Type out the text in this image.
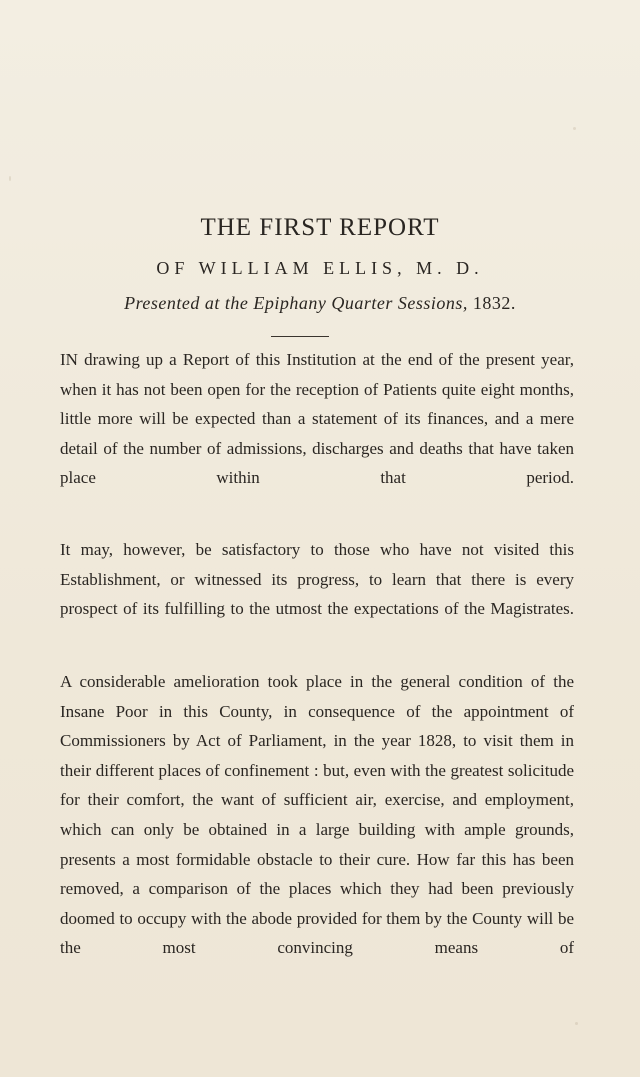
THE FIRST REPORT
OF WILLIAM ELLIS, M. D.
Presented at the Epiphany Quarter Sessions, 1832.

IN drawing up a Report of this Institution at the end of the present year, when it has not been open for the reception of Patients quite eight months, little more will be expected than a statement of its finances, and a mere detail of the number of admissions, discharges and deaths that have taken place within that period.

It may, however, be satisfactory to those who have not visited this Establishment, or witnessed its progress, to learn that there is every prospect of its fulfilling to the utmost the expectations of the Magistrates.

A considerable amelioration took place in the general condition of the Insane Poor in this County, in consequence of the appointment of Commissioners by Act of Parliament, in the year 1828, to visit them in their different places of confinement : but, even with the greatest solicitude for their comfort, the want of sufficient air, exercise, and employment, which can only be obtained in a large building with ample grounds, presents a most formidable obstacle to their cure. How far this has been removed, a comparison of the places which they had been previously doomed to occupy with the abode provided for them by the County will be the most convincing means of
